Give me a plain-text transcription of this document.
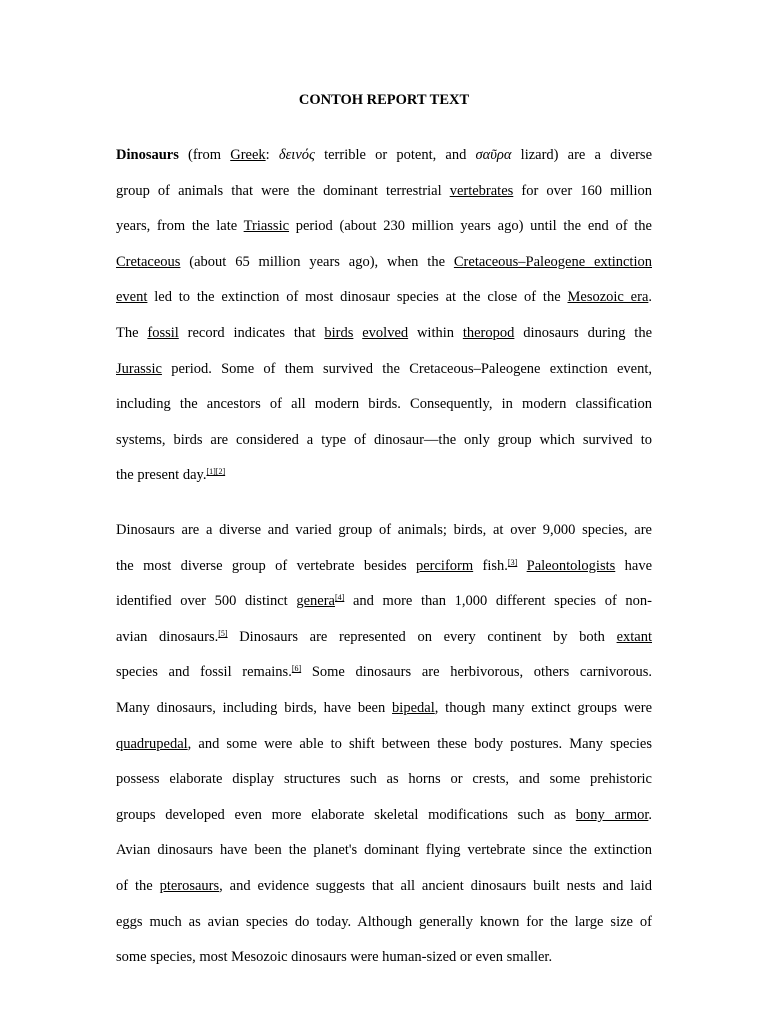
CONTOH REPORT TEXT
Dinosaurs (from Greek: δεινός terrible or potent, and σαῦρα lizard) are a diverse
group of animals that were the dominant terrestrial vertebrates for over 160 million
years, from the late Triassic period (about 230 million years ago) until the end of the
Cretaceous (about 65 million years ago), when the Cretaceous–Paleogene extinction
event led to the extinction of most dinosaur species at the close of the Mesozoic era.
The fossil record indicates that birds evolved within theropod dinosaurs during the
Jurassic period. Some of them survived the Cretaceous–Paleogene extinction event,
including the ancestors of all modern birds. Consequently, in modern classification
systems, birds are considered a type of dinosaur—the only group which survived to
the present day.[1][2]
Dinosaurs are a diverse and varied group of animals; birds, at over 9,000 species, are
the most diverse group of vertebrate besides perciform fish.[3] Paleontologists have
identified over 500 distinct genera[4] and more than 1,000 different species of non-
avian dinosaurs.[5] Dinosaurs are represented on every continent by both extant
species and fossil remains.[6] Some dinosaurs are herbivorous, others carnivorous.
Many dinosaurs, including birds, have been bipedal, though many extinct groups were
quadrupedal, and some were able to shift between these body postures. Many species
possess elaborate display structures such as horns or crests, and some prehistoric
groups developed even more elaborate skeletal modifications such as bony armor.
Avian dinosaurs have been the planet's dominant flying vertebrate since the extinction
of the pterosaurs, and evidence suggests that all ancient dinosaurs built nests and laid
eggs much as avian species do today. Although generally known for the large size of
some species, most Mesozoic dinosaurs were human-sized or even smaller.
